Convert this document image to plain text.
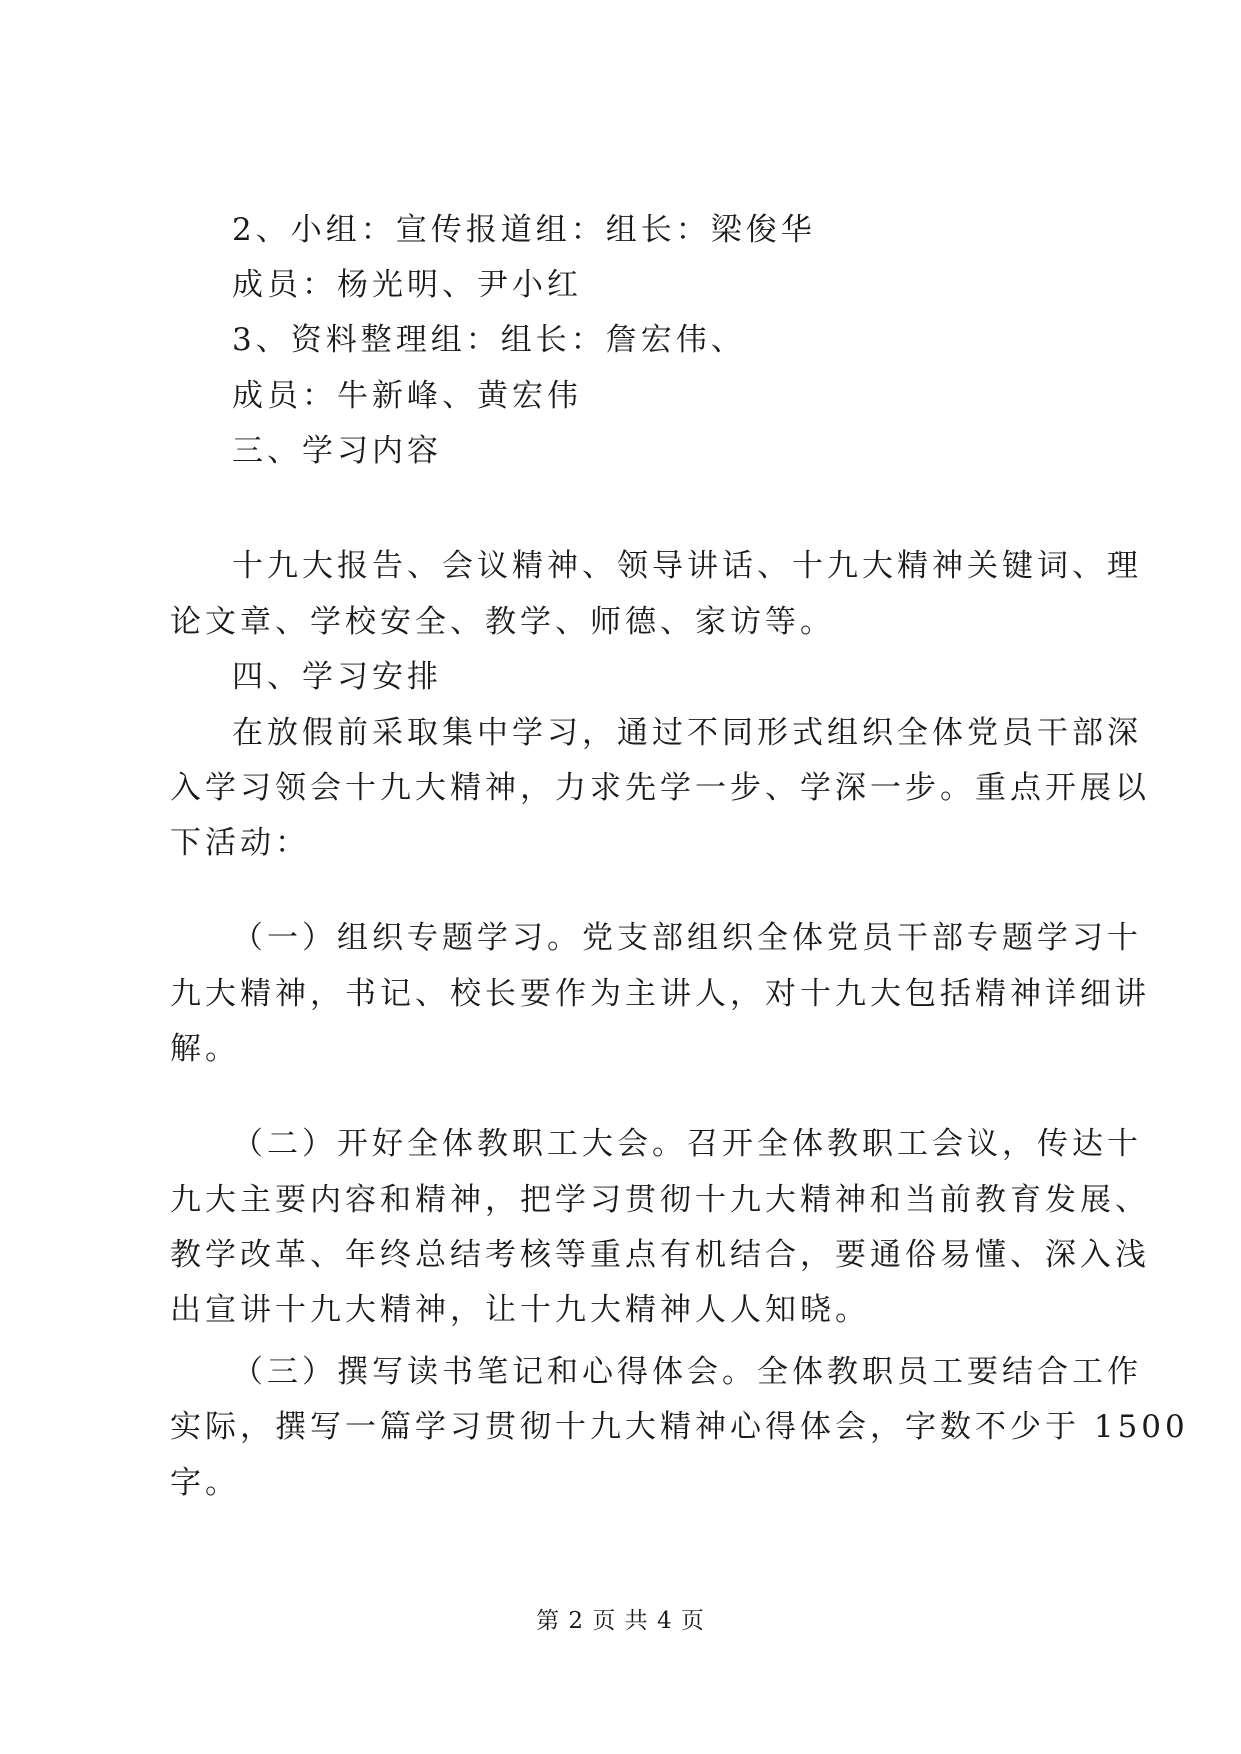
2、小组：宣传报道组：组长：梁俊华
成员：杨光明、尹小红
3、资料整理组：组长：詹宏伟、
成员：牛新峰、黄宏伟
三、学习内容
十九大报告、会议精神、领导讲话、十九大精神关键词、理
论文章、学校安全、教学、师德、家访等。
四、学习安排
在放假前采取集中学习，通过不同形式组织全体党员干部深
入学习领会十九大精神，力求先学一步、学深一步。重点开展以
下活动：
（一）组织专题学习。党支部组织全体党员干部专题学习十
九大精神，书记、校长要作为主讲人，对十九大包括精神详细讲
解。
（二）开好全体教职工大会。召开全体教职工会议，传达十
九大主要内容和精神，把学习贯彻十九大精神和当前教育发展、
教学改革、年终总结考核等重点有机结合，要通俗易懂、深入浅
出宣讲十九大精神，让十九大精神人人知晓。
（三）撰写读书笔记和心得体会。全体教职员工要结合工作
实际，撰写一篇学习贯彻十九大精神心得体会，字数不少于 1500
字。
第 2 页 共 4 页
